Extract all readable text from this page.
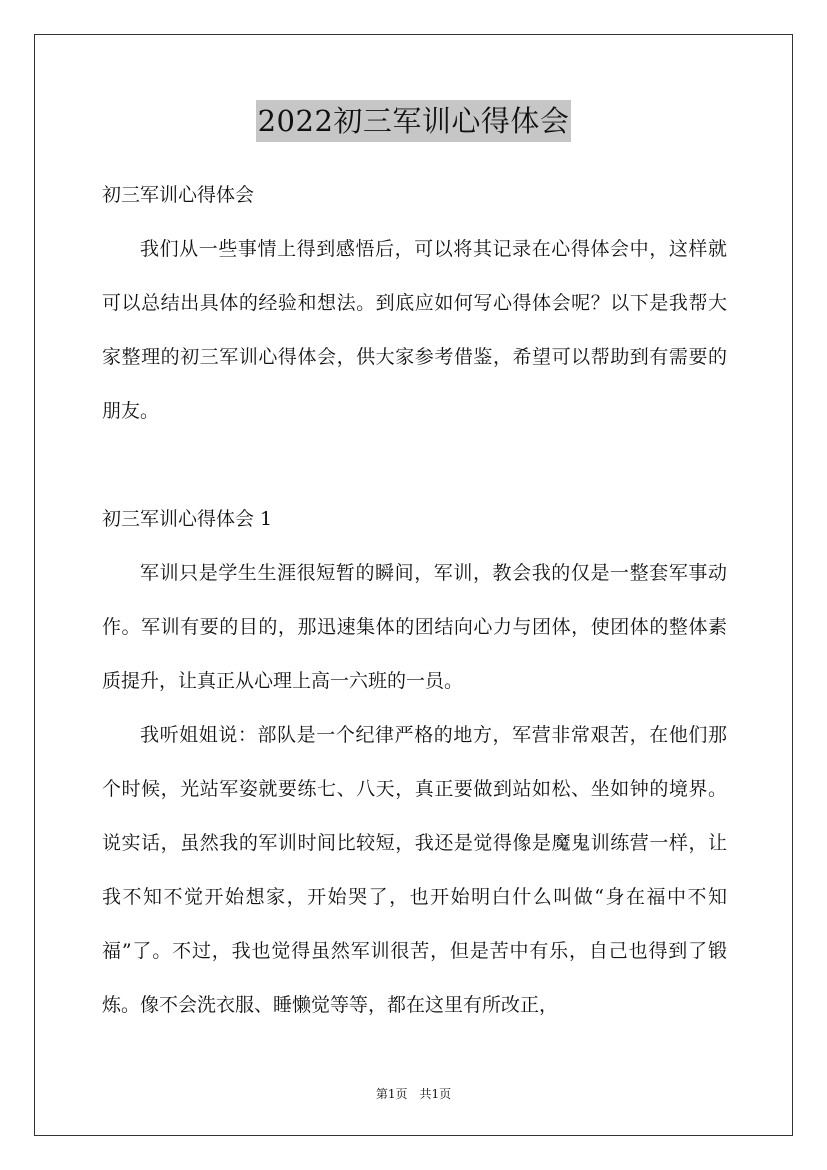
2022初三军训心得体会

初三军训心得体会

我们从一些事情上得到感悟后，可以将其记录在心得体会中，这样就可以总结出具体的经验和想法。到底应如何写心得体会呢？以下是我帮大家整理的初三军训心得体会，供大家参考借鉴，希望可以帮助到有需要的朋友。

初三军训心得体会 1

军训只是学生生涯很短暂的瞬间，军训，教会我的仅是一整套军事动作。军训有要的目的，那迅速集体的团结向心力与团体，使团体的整体素质提升，让真正从心理上高一六班的一员。

我听姐姐说：部队是一个纪律严格的地方，军营非常艰苦，在他们那个时候，光站军姿就要练七、八天，真正要做到站如松、坐如钟的境界。说实话，虽然我的军训时间比较短，我还是觉得像是魔鬼训练营一样，让我不知不觉开始想家，开始哭了，也开始明白什么叫做“身在福中不知福”了。不过，我也觉得虽然军训很苦，但是苦中有乐，自己也得到了锻炼。像不会洗衣服、睡懒觉等等，都在这里有所改正，

第1页 共1页
